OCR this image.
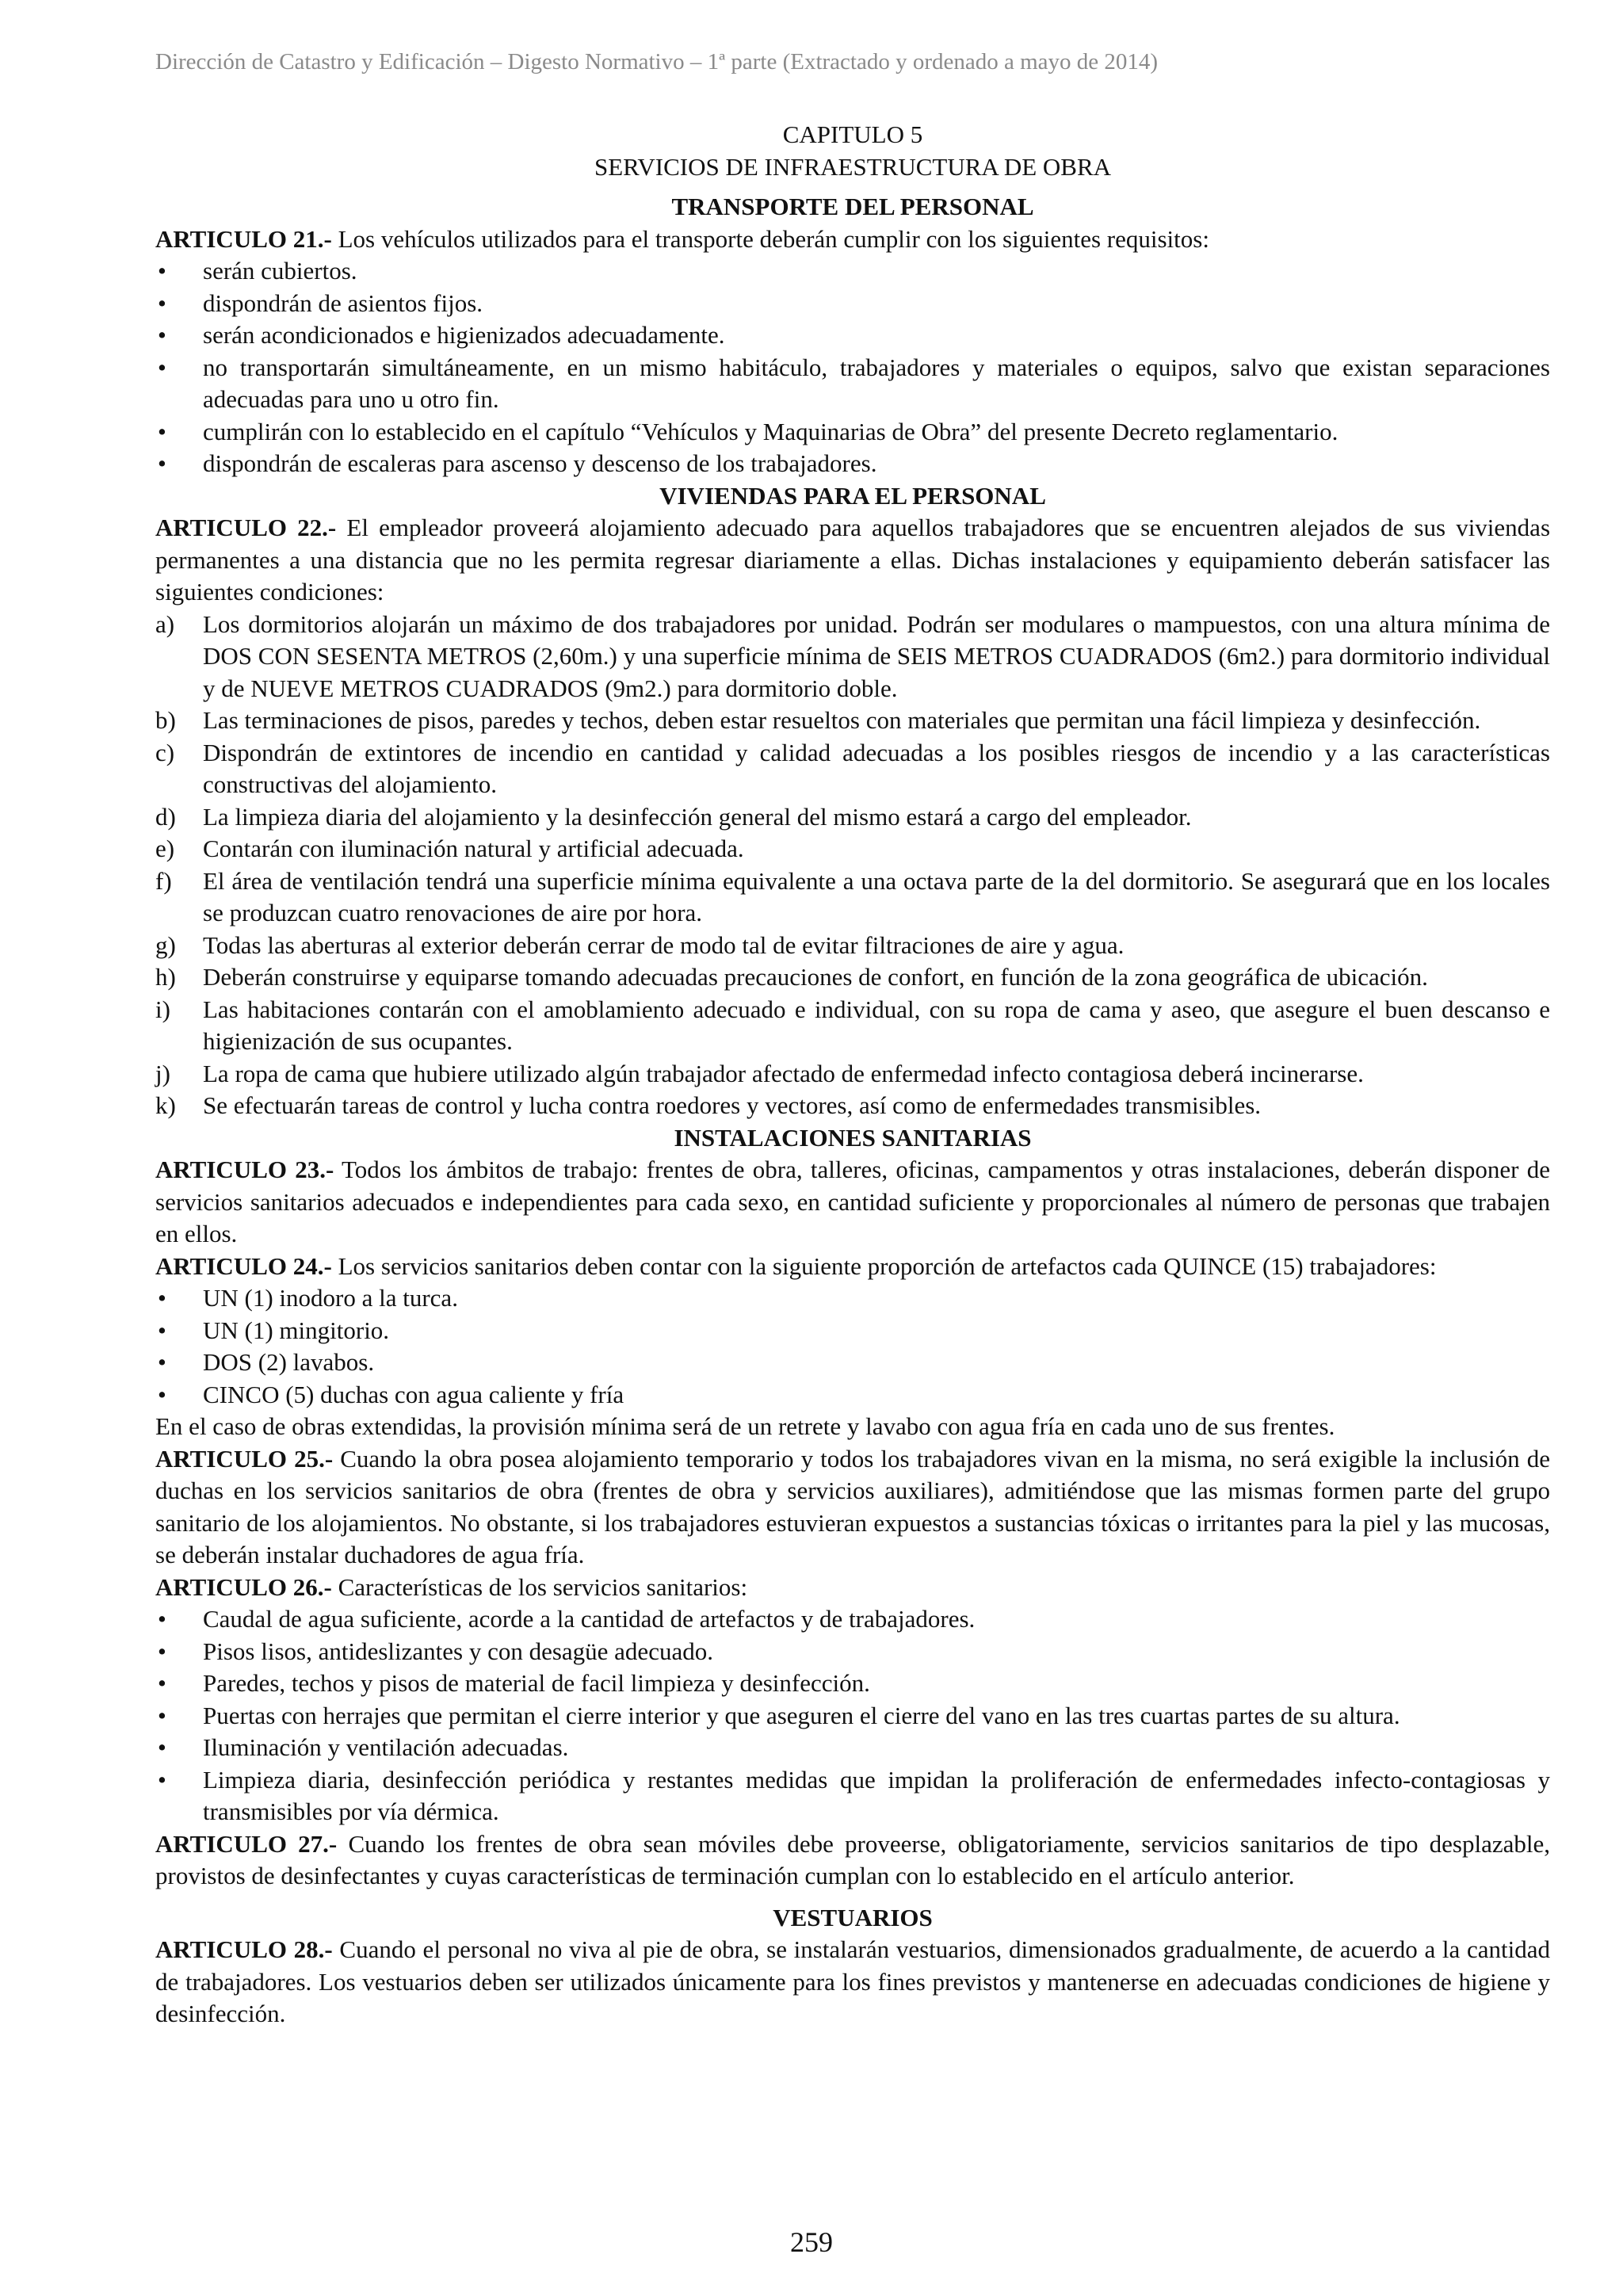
Dirección de Catastro y Edificación – Digesto Normativo – 1ª parte (Extractado y ordenado a mayo de 2014)
CAPITULO 5
SERVICIOS DE INFRAESTRUCTURA DE OBRA
TRANSPORTE DEL PERSONAL

ARTICULO 21.- Los vehículos utilizados para el transporte deberán cumplir con los siguientes requisitos:

• serán cubiertos.
• dispondrán de asientos fijos.
• serán acondicionados e higienizados adecuadamente.
• no transportarán simultáneamente, en un mismo habitáculo, trabajadores y materiales o equipos, salvo que existan separaciones adecuadas para uno u otro fin.
• cumplirán con lo establecido en el capítulo “Vehículos y Maquinarias de Obra” del presente Decreto reglamentario.
• dispondrán de escaleras para ascenso y descenso de los trabajadores.
VIVIENDAS PARA EL PERSONAL

ARTICULO 22.- El empleador proveerá alojamiento adecuado para aquellos trabajadores que se encuentren alejados de sus viviendas permanentes a una distancia que no les permita regresar diariamente a ellas. Dichas instalaciones y equipamiento deberán satisfacer las siguientes condiciones:

a) Los dormitorios alojarán un máximo de dos trabajadores por unidad. Podrán ser modulares o mampuestos, con una altura mínima de DOS CON SESENTA METROS (2,60m.) y una superficie mínima de SEIS METROS CUADRADOS (6m2.) para dormitorio individual y de NUEVE METROS CUADRADOS (9m2.) para dormitorio doble.
b) Las terminaciones de pisos, paredes y techos, deben estar resueltos con materiales que permitan una fácil limpieza y desinfección.
c) Dispondrán de extintores de incendio en cantidad y calidad adecuadas a los posibles riesgos de incendio y a las características constructivas del alojamiento.
d) La limpieza diaria del alojamiento y la desinfección general del mismo estará a cargo del empleador.
e) Contarán con iluminación natural y artificial adecuada.
f) El área de ventilación tendrá una superficie mínima equivalente a una octava parte de la del dormitorio. Se asegurará que en los locales se produzcan cuatro renovaciones de aire por hora.
g) Todas las aberturas al exterior deberán cerrar de modo tal de evitar filtraciones de aire y agua.
h) Deberán construirse y equiparse tomando adecuadas precauciones de confort, en función de la zona geográfica de ubicación.
i) Las habitaciones contarán con el amoblamiento adecuado e individual, con su ropa de cama y aseo, que asegure el buen descanso e higienización de sus ocupantes.
j) La ropa de cama que hubiere utilizado algún trabajador afectado de enfermedad infecto contagiosa deberá incinerarse.
k) Se efectuarán tareas de control y lucha contra roedores y vectores, así como de enfermedades transmisibles.
INSTALACIONES SANITARIAS

ARTICULO 23.- Todos los ámbitos de trabajo: frentes de obra, talleres, oficinas, campamentos y otras instalaciones, deberán disponer de servicios sanitarios adecuados e independientes para cada sexo, en cantidad suficiente y proporcionales al número de personas que trabajen en ellos.

ARTICULO 24.- Los servicios sanitarios deben contar con la siguiente proporción de artefactos cada QUINCE (15) trabajadores:

• UN (1) inodoro a la turca.
• UN (1) mingitorio.
• DOS (2) lavabos.
• CINCO (5) duchas con agua caliente y fría

En el caso de obras extendidas, la provisión mínima será de un retrete y lavabo con agua fría en cada uno de sus frentes.

ARTICULO 25.- Cuando la obra posea alojamiento temporario y todos los trabajadores vivan en la misma, no será exigible la inclusión de duchas en los servicios sanitarios de obra (frentes de obra y servicios auxiliares), admitiéndose que las mismas formen parte del grupo sanitario de los alojamientos. No obstante, si los trabajadores estuvieran expuestos a sustancias tóxicas o irritantes para la piel y las mucosas, se deberán instalar duchadores de agua fría.

ARTICULO 26.- Características de los servicios sanitarios:

• Caudal de agua suficiente, acorde a la cantidad de artefactos y de trabajadores.
• Pisos lisos, antideslizantes y con desagüe adecuado.
• Paredes, techos y pisos de material de facil limpieza y desinfección.
• Puertas con herrajes que permitan el cierre interior y que aseguren el cierre del vano en las tres cuartas partes de su altura.
• Iluminación y ventilación adecuadas.
• Limpieza diaria, desinfección periódica y restantes medidas que impidan la proliferación de enfermedades infecto-contagiosas y transmisibles por vía dérmica.

ARTICULO 27.- Cuando los frentes de obra sean móviles debe proveerse, obligatoriamente, servicios sanitarios de tipo desplazable, provistos de desinfectantes y cuyas características de terminación cumplan con lo establecido en el artículo anterior.

VESTUARIOS

ARTICULO 28.- Cuando el personal no viva al pie de obra, se instalarán vestuarios, dimensionados gradualmente, de acuerdo a la cantidad de trabajadores. Los vestuarios deben ser utilizados únicamente para los fines previstos y mantenerse en adecuadas condiciones de higiene y desinfección.

259
